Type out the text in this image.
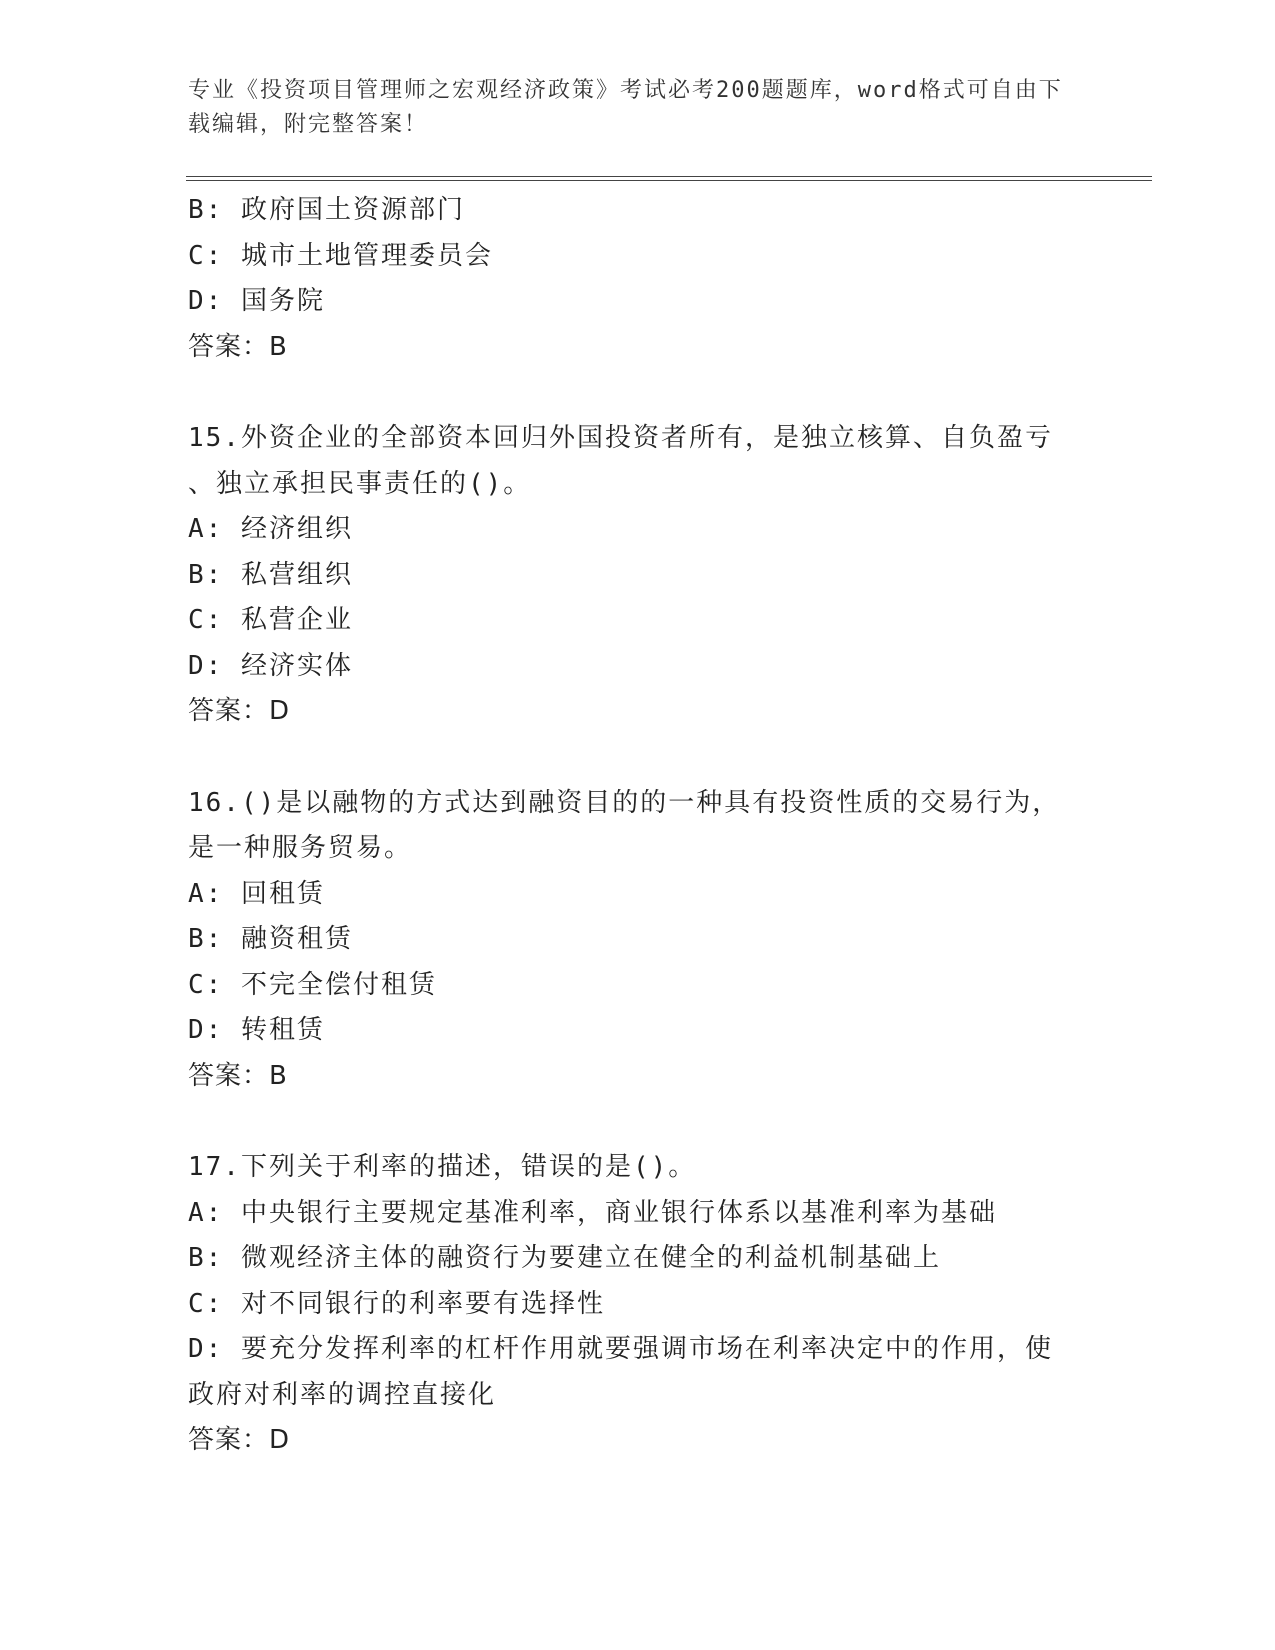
专业《投资项目管理师之宏观经济政策》考试必考200题题库，word格式可自由下载编辑，附完整答案！
B: 政府国土资源部门
C: 城市土地管理委员会
D: 国务院
答案：B
15.外资企业的全部资本回归外国投资者所有，是独立核算、自负盈亏
、独立承担民事责任的()。
A: 经济组织
B: 私营组织
C: 私营企业
D: 经济实体
答案：D
16.()是以融物的方式达到融资目的的一种具有投资性质的交易行为，
是一种服务贸易。
A: 回租赁
B: 融资租赁
C: 不完全偿付租赁
D: 转租赁
答案：B
17.下列关于利率的描述，错误的是()。
A: 中央银行主要规定基准利率，商业银行体系以基准利率为基础
B: 微观经济主体的融资行为要建立在健全的利益机制基础上
C: 对不同银行的利率要有选择性
D: 要充分发挥利率的杠杆作用就要强调市场在利率决定中的作用，使
政府对利率的调控直接化
答案：D
